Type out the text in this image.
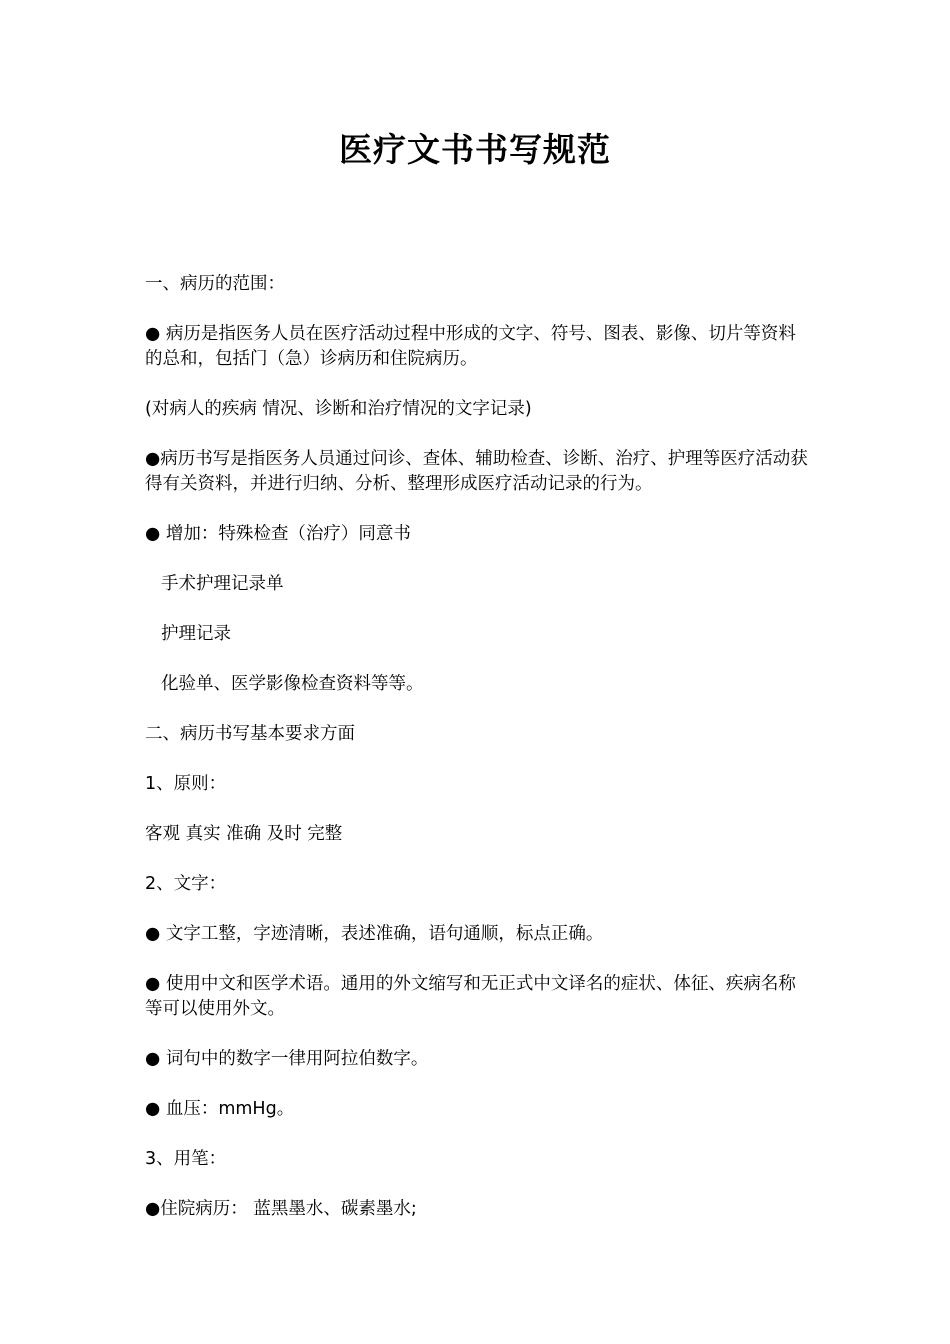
医疗文书书写规范

一、病历的范围：

● 病历是指医务人员在医疗活动过程中形成的文字、符号、图表、影像、切片等资料的总和，包括门（急）诊病历和住院病历。

(对病人的疾病 情况、诊断和治疗情况的文字记录)

●病历书写是指医务人员通过问诊、查体、辅助检查、诊断、治疗、护理等医疗活动获得有关资料，并进行归纳、分析、整理形成医疗活动记录的行为。

● 增加：特殊检查（治疗）同意书

手术护理记录单

护理记录

化验单、医学影像检查资料等等。

二、病历书写基本要求方面

1、原则：

客观 真实 准确 及时 完整

2、文字：

● 文字工整，字迹清晰，表述准确，语句通顺，标点正确。

● 使用中文和医学术语。通用的外文缩写和无正式中文译名的症状、体征、疾病名称等可以使用外文。

● 词句中的数字一律用阿拉伯数字。

● 血压：mmHg。

3、用笔：

●住院病历： 蓝黑墨水、碳素墨水;
